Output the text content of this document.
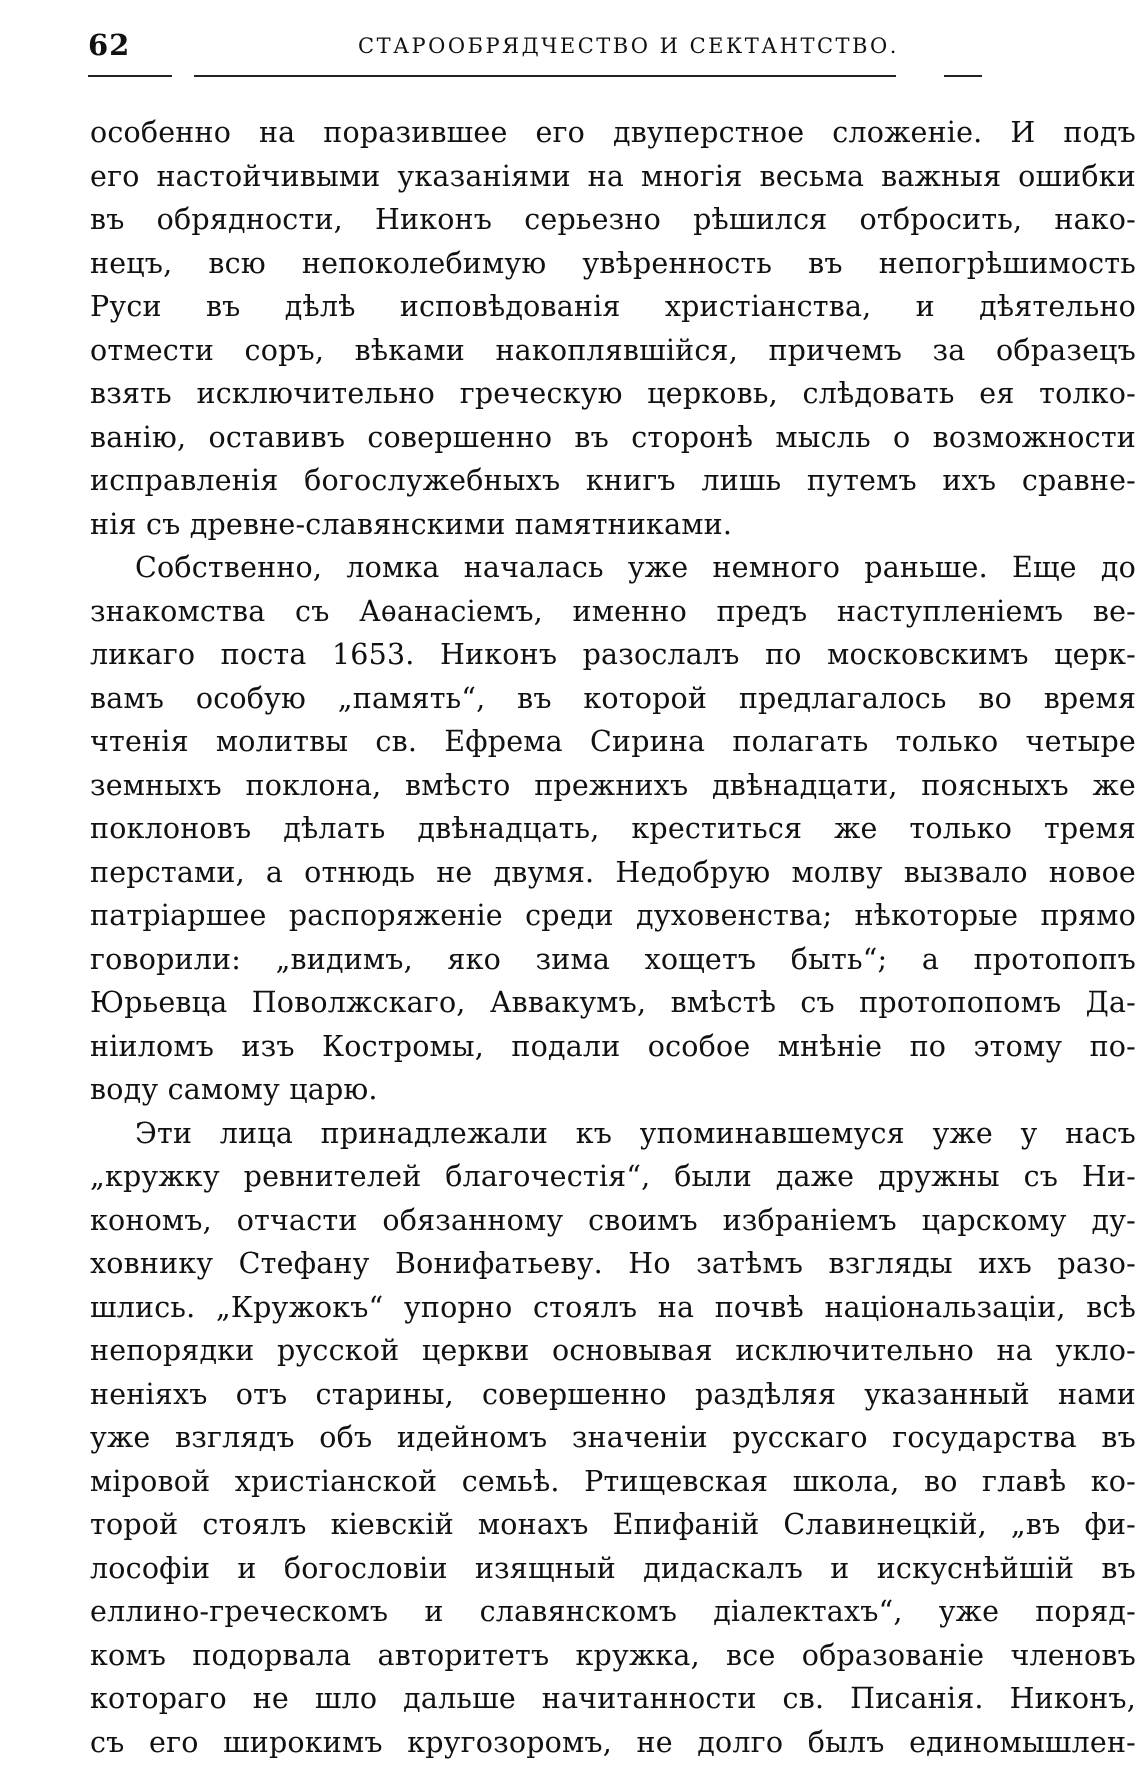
62	СТАРООБРЯДЧЕСТВО И СЕКТАНТСТВО.
особенно на поразившее его двуперстное сложеніе. И подъ
его настойчивыми указаніями на многія весьма важныя ошибки
въ обрядности, Никонъ серьезно рѣшился отбросить, нако-
нецъ, всю непоколебимую увѣренность въ непогрѣшимость
Руси въ дѣлѣ исповѣдованія христіанства, и дѣятельно
отмести соръ, вѣками накоплявшійся, причемъ за образецъ
взять исключительно греческую церковь, слѣдовать ея толко-
ванію, оставивъ совершенно въ сторонѣ мысль о возможности
исправленія богослужебныхъ книгъ лишь путемъ ихъ сравне-
нія съ древне-славянскими памятниками.
Собственно, ломка началась уже немного раньше. Еще до
знакомства съ Аѳанасіемъ, именно предъ наступленіемъ ве-
ликаго поста 1653. Никонъ разослалъ по московскимъ церк-
вамъ особую „память“, въ которой предлагалось во время
чтенія молитвы св. Ефрема Сирина полагать только четыре
земныхъ поклона, вмѣсто прежнихъ двѣнадцати, поясныхъ же
поклоновъ дѣлать двѣнадцать, креститься же только тремя
перстами, а отнюдь не двумя. Недобрую молву вызвало новое
патріаршее распоряженіе среди духовенства; нѣкоторые прямо
говорили: „видимъ, яко зима хощетъ быть“; а протопопъ
Юрьевца Поволжскаго, Аввакумъ, вмѣстѣ съ протопопомъ Да-
ніиломъ изъ Костромы, подали особое мнѣніе по этому по-
воду самому царю.
Эти лица принадлежали къ упоминавшемуся уже у насъ
„кружку ревнителей благочестія“, были даже дружны съ Ни-
кономъ, отчасти обязанному своимъ избраніемъ царскому ду-
ховнику Стефану Вонифатьеву. Но затѣмъ взгляды ихъ разо-
шлись. „Кружокъ“ упорно стоялъ на почвѣ національзаціи, всѣ
непорядки русской церкви основывая исключительно на укло-
неніяхъ отъ старины, совершенно раздѣляя указанный нами
уже взглядъ объ идейномъ значеніи русскаго государства въ
міровой христіанской семьѣ. Ртищевская школа, во главѣ ко-
торой стоялъ кіевскій монахъ Епифаній Славинецкій, „въ фи-
лософіи и богословіи изящный дидаскалъ и искуснѣйшій въ
еллино-греческомъ и славянскомъ діалектахъ“, уже поряд-
комъ подорвала авторитетъ кружка, все образованіе членовъ
котораго не шло дальше начитанности св. Писанія. Никонъ,
съ его широкимъ кругозоромъ, не долго былъ единомышлен-
